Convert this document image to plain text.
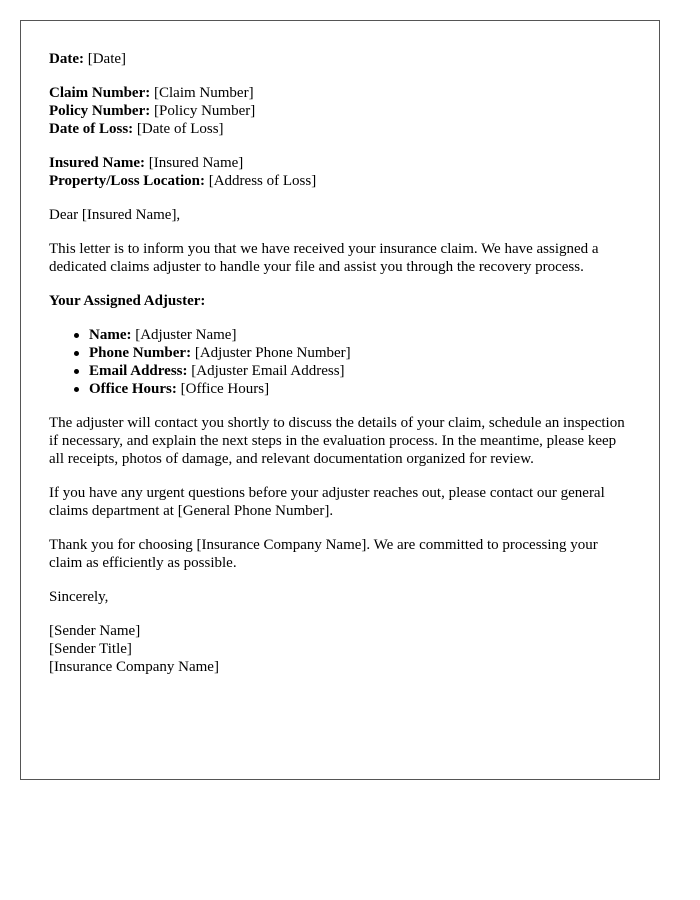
Date: [Date]
Claim Number: [Claim Number]
Policy Number: [Policy Number]
Date of Loss: [Date of Loss]
Insured Name: [Insured Name]
Property/Loss Location: [Address of Loss]

Dear [Insured Name],

This letter is to inform you that we have received your insurance claim. We have assigned a dedicated claims adjuster to handle your file and assist you through the recovery process.

Your Assigned Adjuster:

Name: [Adjuster Name]
Phone Number: [Adjuster Phone Number]
Email Address: [Adjuster Email Address]
Office Hours: [Office Hours]

The adjuster will contact you shortly to discuss the details of your claim, schedule an inspection if necessary, and explain the next steps in the evaluation process. In the meantime, please keep all receipts, photos of damage, and relevant documentation organized for review.

If you have any urgent questions before your adjuster reaches out, please contact our general claims department at [General Phone Number].

Thank you for choosing [Insurance Company Name]. We are committed to processing your claim as efficiently as possible.

Sincerely,

[Sender Name]
[Sender Title]
[Insurance Company Name]
